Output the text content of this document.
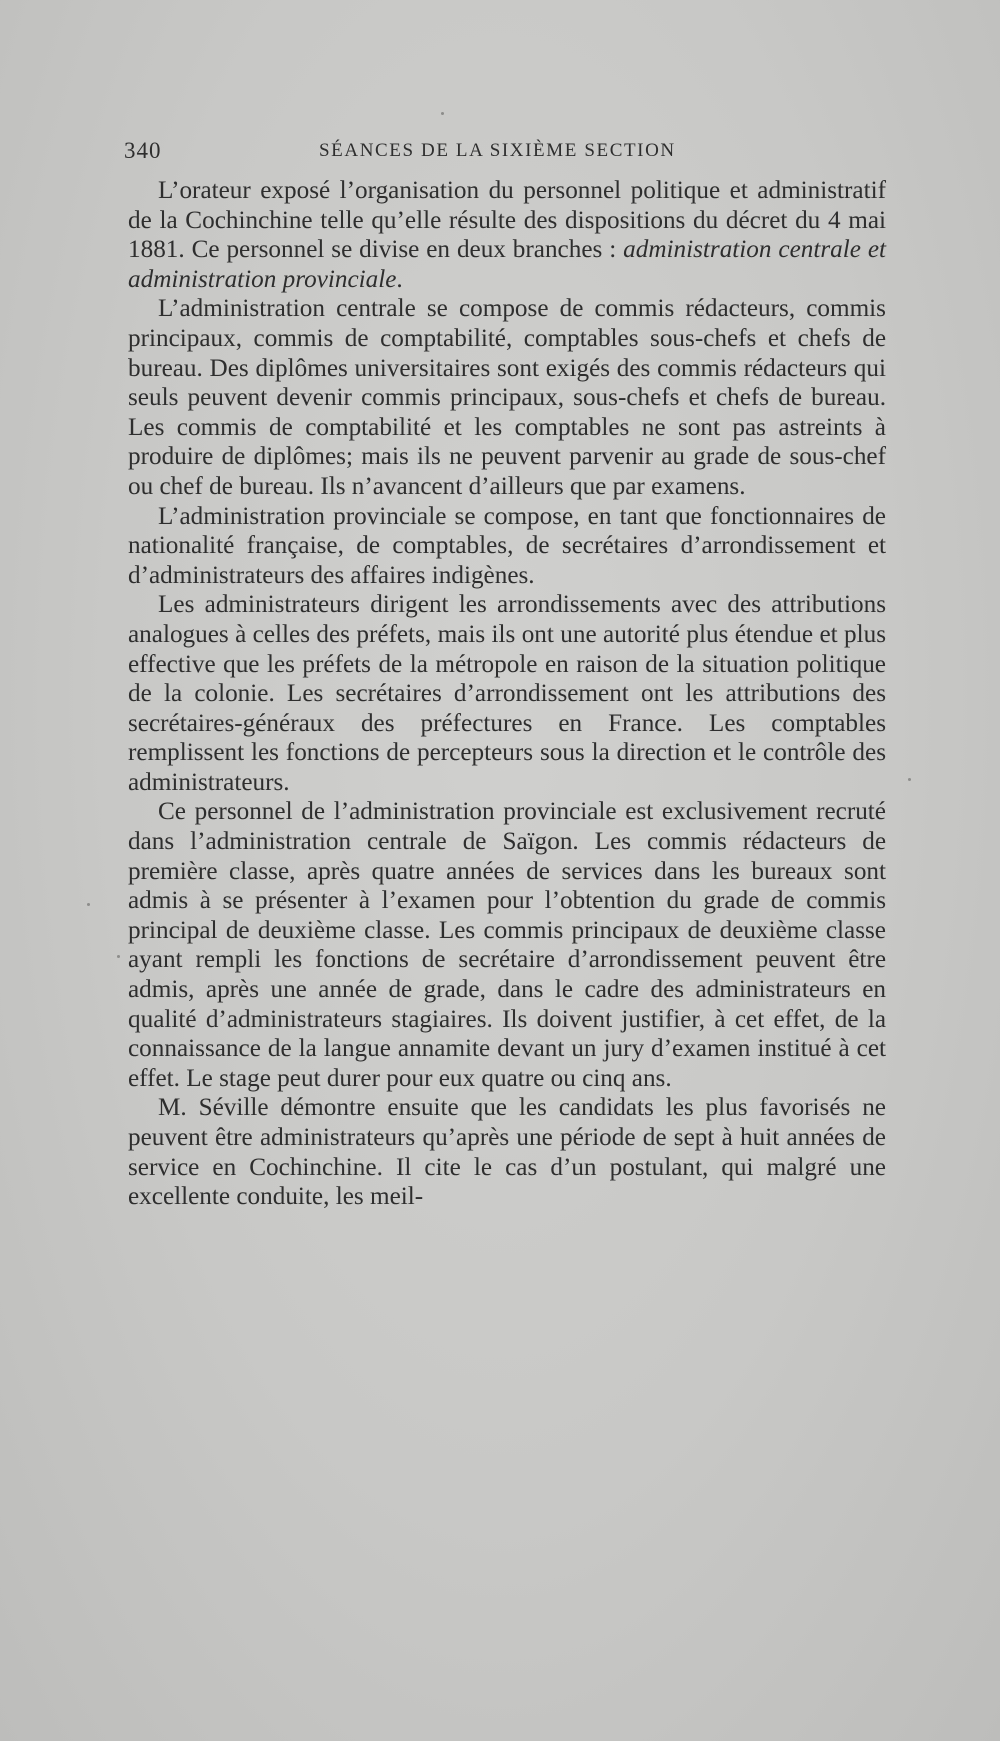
340	SÉANCES DE LA SIXIÈME SECTION

L’orateur exposé l’organisation du personnel politique et administratif de la Cochinchine telle qu’elle résulte des dispositions du décret du 4 mai 1881. Ce personnel se divise en deux branches : administration centrale et administration provinciale.

L’administration centrale se compose de commis rédacteurs, commis principaux, commis de comptabilité, comptables sous-chefs et chefs de bureau. Des diplômes universitaires sont exigés des commis rédacteurs qui seuls peuvent devenir commis principaux, sous-chefs et chefs de bureau. Les commis de comptabilité et les comptables ne sont pas astreints à produire de diplômes; mais ils ne peuvent parvenir au grade de sous-chef ou chef de bureau. Ils n’avancent d’ailleurs que par examens.

L’administration provinciale se compose, en tant que fonctionnaires de nationalité française, de comptables, de secrétaires d’arrondissement et d’administrateurs des affaires indigènes.

Les administrateurs dirigent les arrondissements avec des attributions analogues à celles des préfets, mais ils ont une autorité plus étendue et plus effective que les préfets de la métropole en raison de la situation politique de la colonie. Les secrétaires d’arrondissement ont les attributions des secrétaires-généraux des préfectures en France. Les comptables remplissent les fonctions de percepteurs sous la direction et le contrôle des administrateurs.

Ce personnel de l’administration provinciale est exclusivement recruté dans l’administration centrale de Saïgon. Les commis rédacteurs de première classe, après quatre années de services dans les bureaux sont admis à se présenter à l’examen pour l’obtention du grade de commis principal de deuxième classe. Les commis principaux de deuxième classe ayant rempli les fonctions de secrétaire d’arrondissement peuvent être admis, après une année de grade, dans le cadre des administrateurs en qualité d’administrateurs stagiaires. Ils doivent justifier, à cet effet, de la connaissance de la langue annamite devant un jury d’examen institué à cet effet. Le stage peut durer pour eux quatre ou cinq ans.

M. Séville démontre ensuite que les candidats les plus favorisés ne peuvent être administrateurs qu’après une période de sept à huit années de service en Cochinchine. Il cite le cas d’un postulant, qui malgré une excellente conduite, les meil-
